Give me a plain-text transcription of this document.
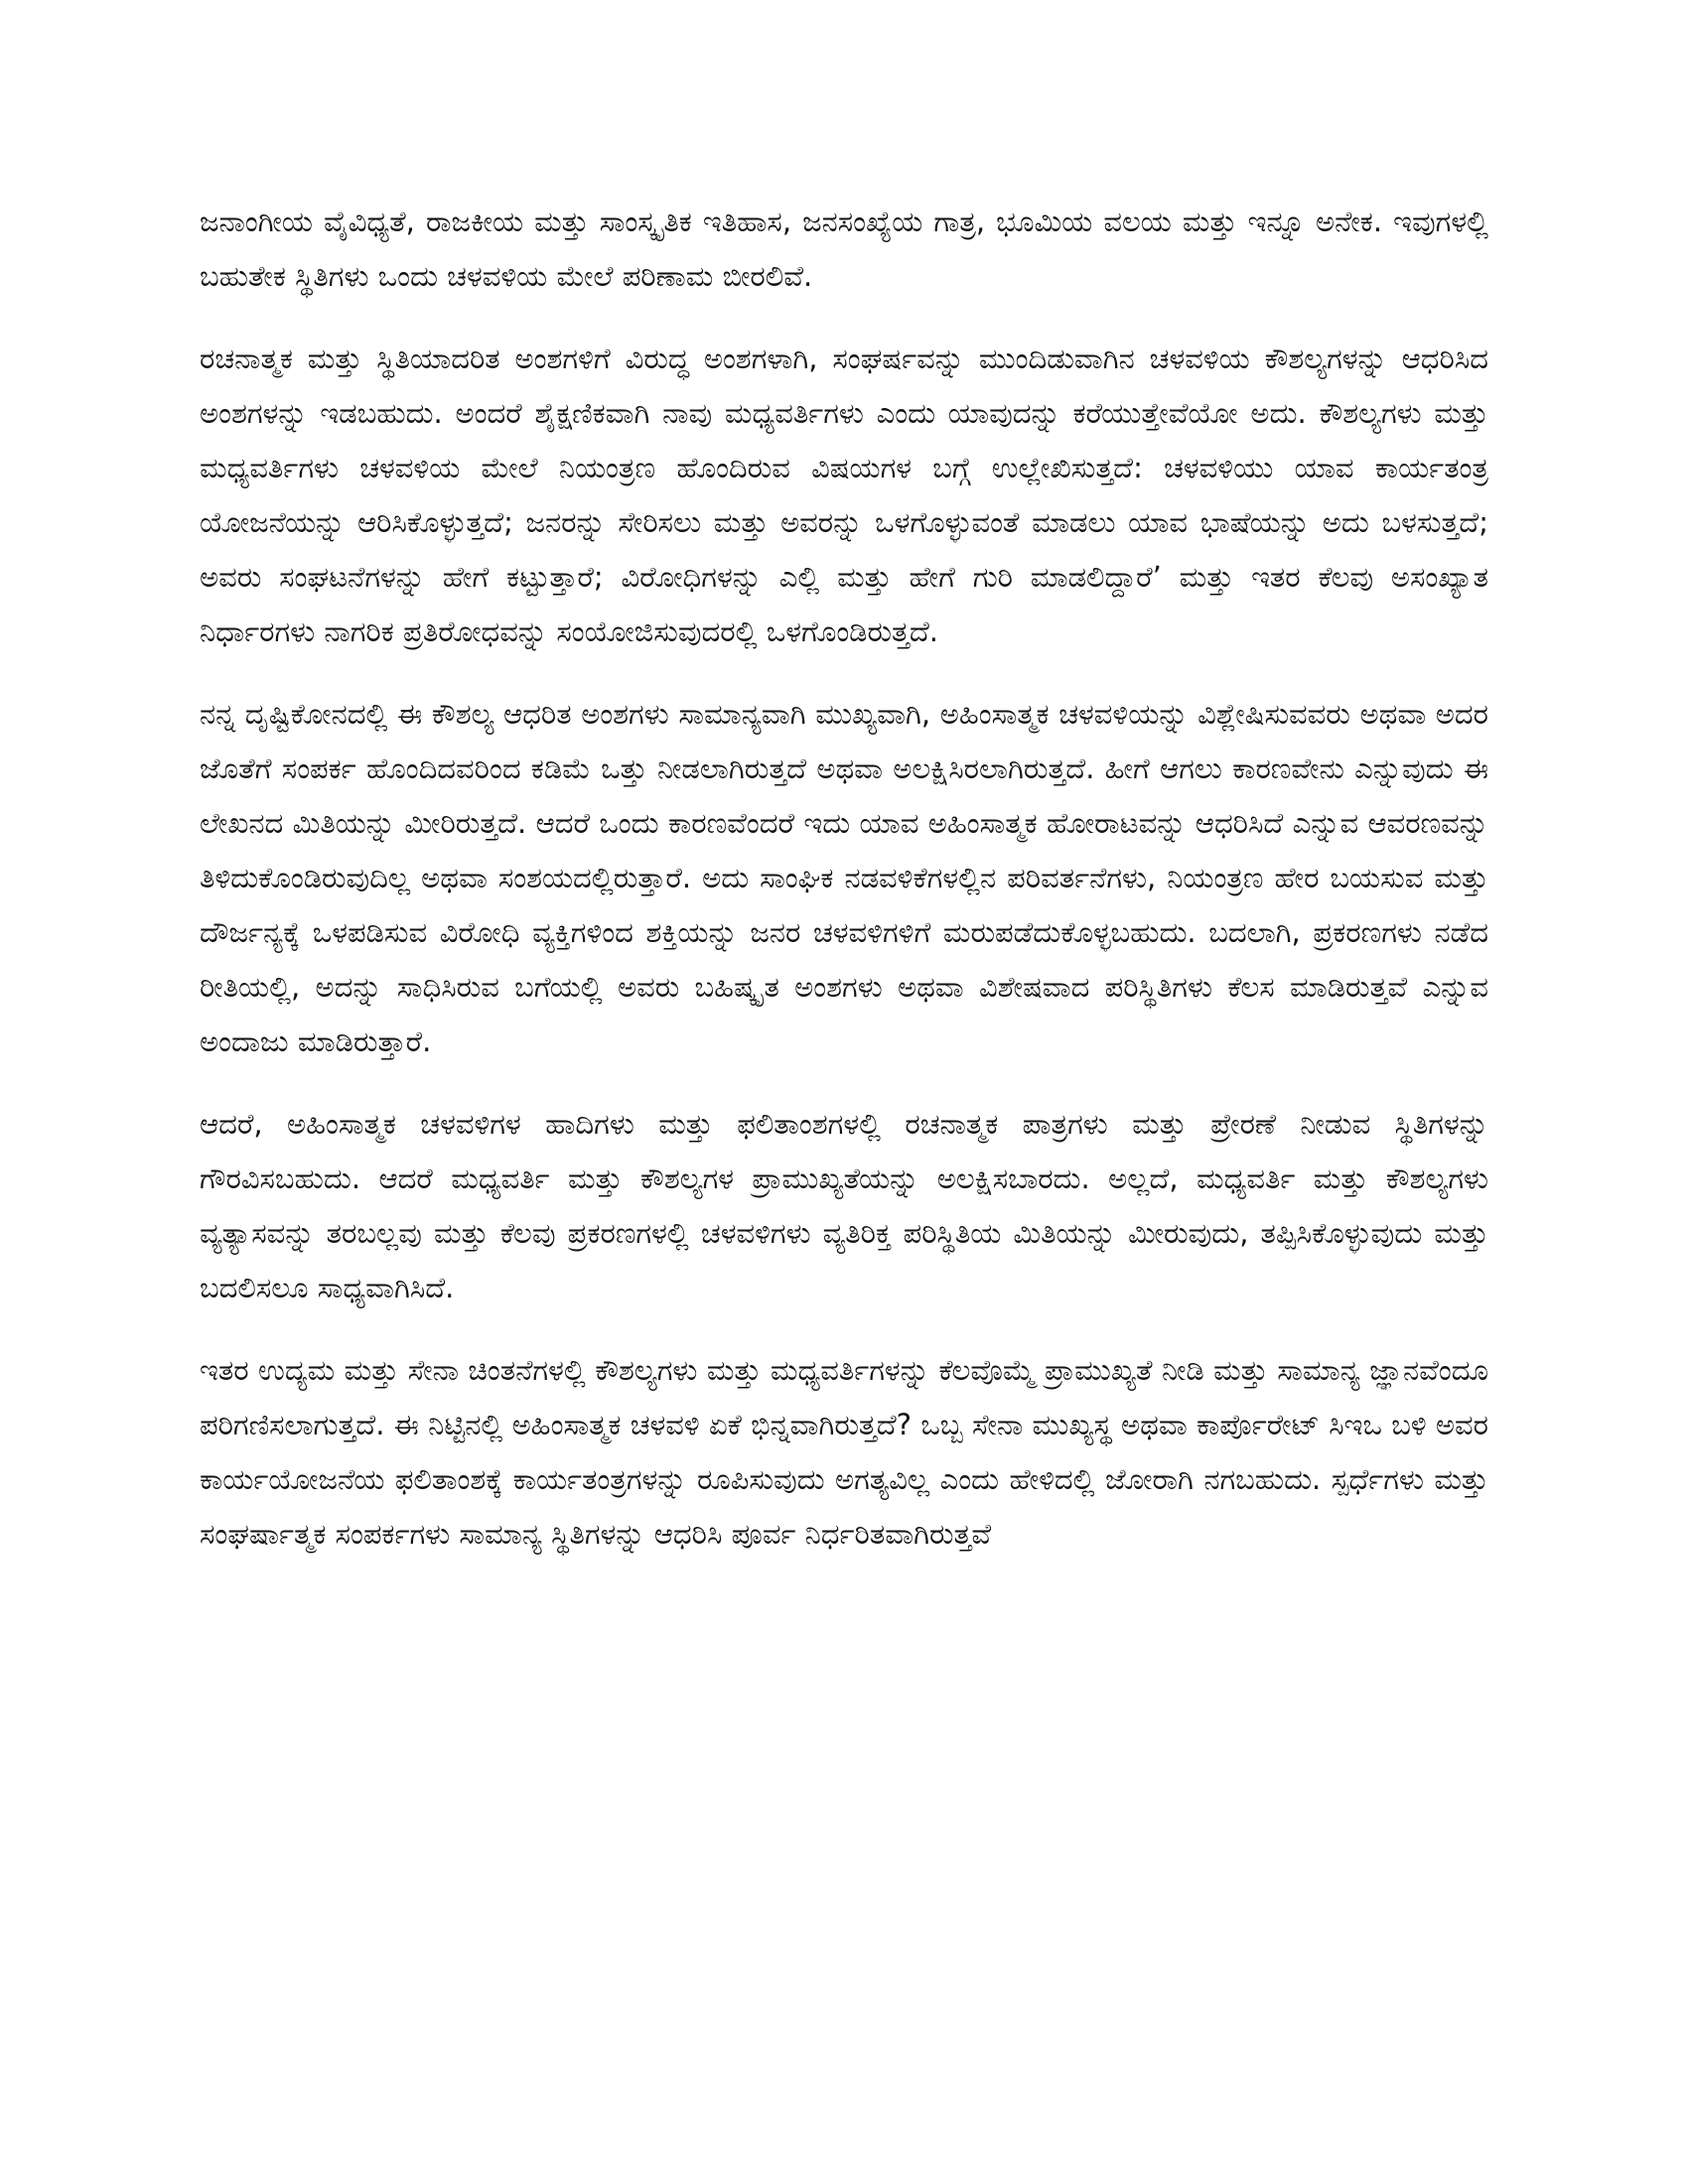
ಜನಾಂಗೀಯ ವೈವಿಧ್ಯತೆ, ರಾಜಕೀಯ ಮತ್ತು ಸಾಂಸ್ಕೃತಿಕ ಇತಿಹಾಸ, ಜನಸಂಖ್ಯೆಯ ಗಾತ್ರ, ಭೂಮಿಯ ವಲಯ ಮತ್ತು ಇನ್ನೂ ಅನೇಕ. ಇವುಗಳಲ್ಲಿ ಬಹುತೇಕ ಸ್ಥಿತಿಗಳು ಒಂದು ಚಳವಳಿಯ ಮೇಲೆ ಪರಿಣಾಮ ಬೀರಲಿವೆ.

ರಚನಾತ್ಮಕ ಮತ್ತು ಸ್ಥಿತಿಯಾದರಿತ ಅಂಶಗಳಿಗೆ ವಿರುದ್ಧ ಅಂಶಗಳಾಗಿ, ಸಂಘರ್ಷವನ್ನು ಮುಂದಿಡುವಾಗಿನ ಚಳವಳಿಯ ಕೌಶಲ್ಯಗಳನ್ನು ಆಧರಿಸಿದ ಅಂಶಗಳನ್ನು ಇಡಬಹುದು. ಅಂದರೆ ಶೈಕ್ಷಣಿಕವಾಗಿ ನಾವು ಮಧ್ಯವರ್ತಿಗಳು ಎಂದು ಯಾವುದನ್ನು ಕರೆಯುತ್ತೇವೆಯೋ ಅದು. ಕೌಶಲ್ಯಗಳು ಮತ್ತು ಮಧ್ಯವರ್ತಿಗಳು ಚಳವಳಿಯ ಮೇಲೆ ನಿಯಂತ್ರಣ ಹೊಂದಿರುವ ವಿಷಯಗಳ ಬಗ್ಗೆ ಉಲ್ಲೇಖಿಸುತ್ತದೆ: ಚಳವಳಿಯು ಯಾವ ಕಾರ್ಯತಂತ್ರ ಯೋಜನೆಯನ್ನು ಆರಿಸಿಕೊಳ್ಳುತ್ತದೆ; ಜನರನ್ನು ಸೇರಿಸಲು ಮತ್ತು ಅವರನ್ನು ಒಳಗೊಳ್ಳುವಂತೆ ಮಾಡಲು ಯಾವ ಭಾಷೆಯನ್ನು ಅದು ಬಳಸುತ್ತದೆ; ಅವರು ಸಂಘಟನೆಗಳನ್ನು ಹೇಗೆ ಕಟ್ಟುತ್ತಾರೆ; ವಿರೋಧಿಗಳನ್ನು ಎಲ್ಲಿ ಮತ್ತು ಹೇಗೆ ಗುರಿ ಮಾಡಲಿದ್ದಾರೆ’ ಮತ್ತು ಇತರ ಕೆಲವು ಅಸಂಖ್ಯಾತ ನಿರ್ಧಾರಗಳು ನಾಗರಿಕ ಪ್ರತಿರೋಧವನ್ನು ಸಂಯೋಜಿಸುವುದರಲ್ಲಿ ಒಳಗೊಂಡಿರುತ್ತದೆ.

ನನ್ನ ದೃಷ್ಟಿಕೋನದಲ್ಲಿ ಈ ಕೌಶಲ್ಯ ಆಧರಿತ ಅಂಶಗಳು ಸಾಮಾನ್ಯವಾಗಿ ಮುಖ್ಯವಾಗಿ, ಅಹಿಂಸಾತ್ಮಕ ಚಳವಳಿಯನ್ನು ವಿಶ್ಲೇಷಿಸುವವರು ಅಥವಾ ಅದರ ಜೊತೆಗೆ ಸಂಪರ್ಕ ಹೊಂದಿದವರಿಂದ ಕಡಿಮೆ ಒತ್ತು ನೀಡಲಾಗಿರುತ್ತದೆ ಅಥವಾ ಅಲಕ್ಷಿಸಿರಲಾಗಿರುತ್ತದೆ. ಹೀಗೆ ಆಗಲು ಕಾರಣವೇನು ಎನ್ನುವುದು ಈ ಲೇಖನದ ಮಿತಿಯನ್ನು ಮೀರಿರುತ್ತದೆ. ಆದರೆ ಒಂದು ಕಾರಣವೆಂದರೆ ಇದು ಯಾವ ಅಹಿಂಸಾತ್ಮಕ ಹೋರಾಟವನ್ನು ಆಧರಿಸಿದೆ ಎನ್ನುವ ಆವರಣವನ್ನು ತಿಳಿದುಕೊಂಡಿರುವುದಿಲ್ಲ ಅಥವಾ ಸಂಶಯದಲ್ಲಿರುತ್ತಾರೆ. ಅದು ಸಾಂಘಿಕ ನಡವಳಿಕೆಗಳಲ್ಲಿನ ಪರಿವರ್ತನೆಗಳು, ನಿಯಂತ್ರಣ ಹೇರ ಬಯಸುವ ಮತ್ತು ದೌರ್ಜನ್ಯಕ್ಕೆ ಒಳಪಡಿಸುವ ವಿರೋಧಿ ವ್ಯಕ್ತಿಗಳಿಂದ ಶಕ್ತಿಯನ್ನು ಜನರ ಚಳವಳಿಗಳಿಗೆ ಮರುಪಡೆದುಕೊಳ್ಳಬಹುದು. ಬದಲಾಗಿ, ಪ್ರಕರಣಗಳು ನಡೆದ ರೀತಿಯಲ್ಲಿ, ಅದನ್ನು ಸಾಧಿಸಿರುವ ಬಗೆಯಲ್ಲಿ ಅವರು ಬಹಿಷ್ಕೃತ ಅಂಶಗಳು ಅಥವಾ ವಿಶೇಷವಾದ ಪರಿಸ್ಥಿತಿಗಳು ಕೆಲಸ ಮಾಡಿರುತ್ತವೆ ಎನ್ನುವ ಅಂದಾಜು ಮಾಡಿರುತ್ತಾರೆ.

ಆದರೆ, ಅಹಿಂಸಾತ್ಮಕ ಚಳವಳಿಗಳ ಹಾದಿಗಳು ಮತ್ತು ಫಲಿತಾಂಶಗಳಲ್ಲಿ ರಚನಾತ್ಮಕ ಪಾತ್ರಗಳು ಮತ್ತು ಪ್ರೇರಣೆ ನೀಡುವ ಸ್ಥಿತಿಗಳನ್ನು ಗೌರವಿಸಬಹುದು. ಆದರೆ ಮಧ್ಯವರ್ತಿ ಮತ್ತು ಕೌಶಲ್ಯಗಳ ಪ್ರಾಮುಖ್ಯತೆಯನ್ನು ಅಲಕ್ಷಿಸಬಾರದು. ಅಲ್ಲದೆ, ಮಧ್ಯವರ್ತಿ ಮತ್ತು ಕೌಶಲ್ಯಗಳು ವ್ಯತ್ಯಾಸವನ್ನು ತರಬಲ್ಲವು ಮತ್ತು ಕೆಲವು ಪ್ರಕರಣಗಳಲ್ಲಿ ಚಳವಳಿಗಳು ವ್ಯತಿರಿಕ್ತ ಪರಿಸ್ಥಿತಿಯ ಮಿತಿಯನ್ನು ಮೀರುವುದು, ತಪ್ಪಿಸಿಕೊಳ್ಳುವುದು ಮತ್ತು ಬದಲಿಸಲೂ ಸಾಧ್ಯವಾಗಿಸಿದೆ.

ಇತರ ಉದ್ಯಮ ಮತ್ತು ಸೇನಾ ಚಿಂತನೆಗಳಲ್ಲಿ ಕೌಶಲ್ಯಗಳು ಮತ್ತು ಮಧ್ಯವರ್ತಿಗಳನ್ನು ಕೆಲವೊಮ್ಮೆ ಪ್ರಾಮುಖ್ಯತೆ ನೀಡಿ ಮತ್ತು ಸಾಮಾನ್ಯ ಜ್ಞಾನವೆಂದೂ ಪರಿಗಣಿಸಲಾಗುತ್ತದೆ. ಈ ನಿಟ್ಟಿನಲ್ಲಿ ಅಹಿಂಸಾತ್ಮಕ ಚಳವಳಿ ಏಕೆ ಭಿನ್ನವಾಗಿರುತ್ತದೆ? ಒಬ್ಬ ಸೇನಾ ಮುಖ್ಯಸ್ಥ ಅಥವಾ ಕಾರ್ಪೊರೇಟ್ ಸಿಇಒ ಬಳಿ ಅವರ ಕಾರ್ಯಯೋಜನೆಯ ಫಲಿತಾಂಶಕ್ಕೆ ಕಾರ್ಯತಂತ್ರಗಳನ್ನು ರೂಪಿಸುವುದು ಅಗತ್ಯವಿಲ್ಲ ಎಂದು ಹೇಳಿದಲ್ಲಿ ಜೋರಾಗಿ ನಗಬಹುದು. ಸ್ಪರ್ಧೆಗಳು ಮತ್ತು ಸಂಘರ್ಷಾತ್ಮಕ ಸಂಪರ್ಕಗಳು ಸಾಮಾನ್ಯ ಸ್ಥಿತಿಗಳನ್ನು ಆಧರಿಸಿ ಪೂರ್ವ ನಿರ್ಧರಿತವಾಗಿರುತ್ತವೆ
